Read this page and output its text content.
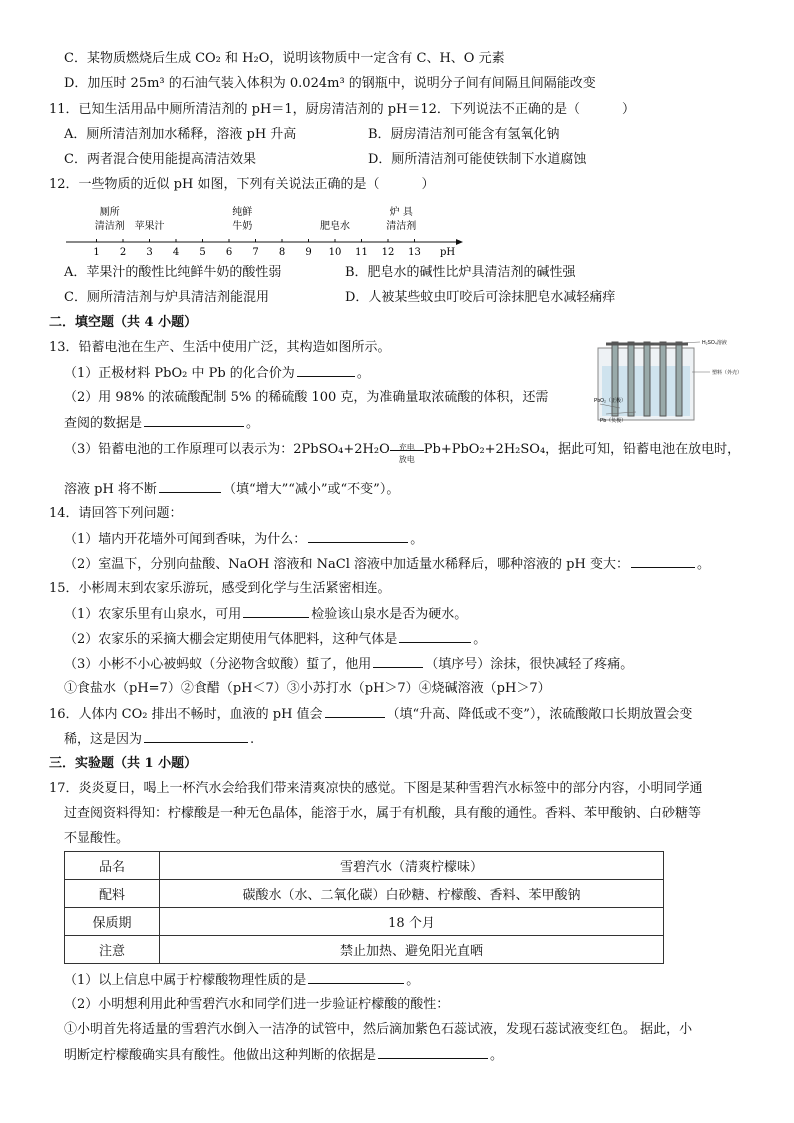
C．某物质燃烧后生成 CO₂ 和 H₂O，说明该物质中一定含有 C、H、O 元素
D．加压时 25m³ 的石油气装入体积为 0.024m³ 的钢瓶中，说明分子间有间隔且间隔能改变
11．已知生活用品中厕所清洁剂的 pH＝1，厨房清洁剂的 pH＝12．下列说法不正确的是（	）
A．厕所清洁剂加水稀释，溶液 pH 升高	B．厨房清洁剂可能含有氢氧化钠
C．两者混合使用能提高清洁效果	D．厕所清洁剂可能使铁制下水道腐蚀
12．一些物质的近似 pH 如图，下列有关说法正确的是（	）
1 2 3 4 5 6 7 8 9 10 11 12 13 pH
厕所
清洁剂 苹果汁
纯鲜
牛奶	肥皂水
炉 具
清洁剂
A．苹果汁的酸性比纯鲜牛奶的酸性弱	B．肥皂水的碱性比炉具清洁剂的碱性强
C．厕所清洁剂与炉具清洁剂能混用	D．人被某些蚊虫叮咬后可涂抹肥皂水减轻痛痒
二．填空题（共 4 小题）
13．铅蓄电池在生产、生活中使用广泛，其构造如图所示。
（1）正极材料 PbO₂ 中 Pb 的化合价为	。
（2）用 98% 的浓硫酸配制 5% 的稀硫酸 100 克，为准确量取浓硫酸的体积，还需
查阅的数据是	。
（3）铅蓄电池的工作原理可以表示为：2PbSO₄+2H₂O	充电
放电
Pb+PbO₂+2H₂SO₄，据此可知，铅蓄电池在放电时，
溶液 pH 将不断	（填“增大”“减小”或“不变”）。
H₂SO₄溶液
塑料（外壳）
PbO₂（正极）
Pb（负极）
14．请回答下列问题：
（1）墙内开花墙外可闻到香味，为什么：	。
（2）室温下，分别向盐酸、NaOH 溶液和 NaCl 溶液中加适量水稀释后，哪种溶液的 pH 变大：	。
15．小彬周末到农家乐游玩，感受到化学与生活紧密相连。
（1）农家乐里有山泉水，可用	检验该山泉水是否为硬水。
（2）农家乐的采摘大棚会定期使用气体肥料，这种气体是	。
（3）小彬不小心被蚂蚁（分泌物含蚁酸）蜇了，他用	（填序号）涂抹，很快减轻了疼痛。
①食盐水（pH=7）②食醋（pH＜7）③小苏打水（pH＞7）④烧碱溶液（pH＞7）
16．人体内 CO₂ 排出不畅时，血液的 pH 值会	（填“升高、降低或不变”），浓硫酸敞口长期放置会变
稀，这是因为	.
三．实验题（共 1 小题）
17．炎炎夏日，喝上一杯汽水会给我们带来清爽凉快的感觉。下图是某种雪碧汽水标签中的部分内容，小明同学通
过查阅资料得知：柠檬酸是一种无色晶体，能溶于水，属于有机酸，具有酸的通性。香料、苯甲酸钠、白砂糖等
不显酸性。
品名	雪碧汽水（清爽柠檬味）
配料	碳酸水（水、二氧化碳）白砂糖、柠檬酸、香料、苯甲酸钠
保质期	18 个月
注意	禁止加热、避免阳光直晒
（1）以上信息中属于柠檬酸物理性质的是	。
（2）小明想利用此种雪碧汽水和同学们进一步验证柠檬酸的酸性：
①小明首先将适量的雪碧汽水倒入一洁净的试管中，然后滴加紫色石蕊试液，发现石蕊试液变红色。 据此，小
明断定柠檬酸确实具有酸性。他做出这种判断的依据是	。
